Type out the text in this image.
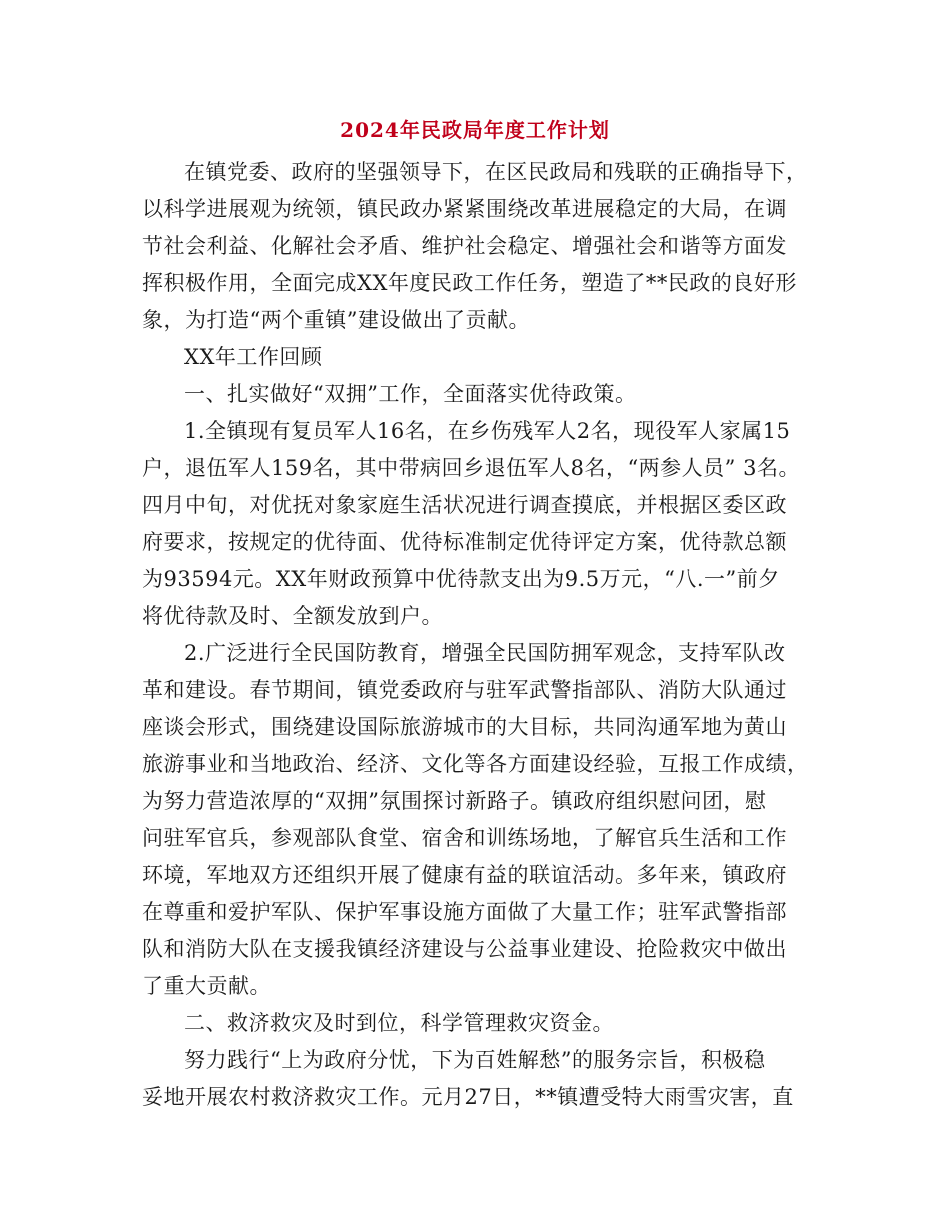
2024年民政局年度工作计划
在镇党委、政府的坚强领导下，在区民政局和残联的正确指导下，
以科学进展观为统领，镇民政办紧紧围绕改革进展稳定的大局，在调
节社会利益、化解社会矛盾、维护社会稳定、增强社会和谐等方面发
挥积极作用，全面完成XX年度民政工作任务，塑造了**民政的良好形
象，为打造“两个重镇”建设做出了贡献。
XX年工作回顾
一、扎实做好“双拥”工作，全面落实优待政策。
1.全镇现有复员军人16名，在乡伤残军人2名，现役军人家属15
户，退伍军人159名，其中带病回乡退伍军人8名，“两参人员” 3名。
四月中旬，对优抚对象家庭生活状况进行调查摸底，并根据区委区政
府要求，按规定的优待面、优待标准制定优待评定方案，优待款总额
为93594元。XX年财政预算中优待款支出为9.5万元，“八.一”前夕
将优待款及时、全额发放到户。
2.广泛进行全民国防教育，增强全民国防拥军观念，支持军队改
革和建设。春节期间，镇党委政府与驻军武警指部队、消防大队通过
座谈会形式，围绕建设国际旅游城市的大目标，共同沟通军地为黄山
旅游事业和当地政治、经济、文化等各方面建设经验，互报工作成绩，
为努力营造浓厚的“双拥”氛围探讨新路子。镇政府组织慰问团，慰
问驻军官兵，参观部队食堂、宿舍和训练场地，了解官兵生活和工作
环境，军地双方还组织开展了健康有益的联谊活动。多年来，镇政府
在尊重和爱护军队、保护军事设施方面做了大量工作；驻军武警指部
队和消防大队在支援我镇经济建设与公益事业建设、抢险救灾中做出
了重大贡献。
二、救济救灾及时到位，科学管理救灾资金。
努力践行“上为政府分忧，下为百姓解愁”的服务宗旨，积极稳
妥地开展农村救济救灾工作。元月27日，**镇遭受特大雨雪灾害，直
